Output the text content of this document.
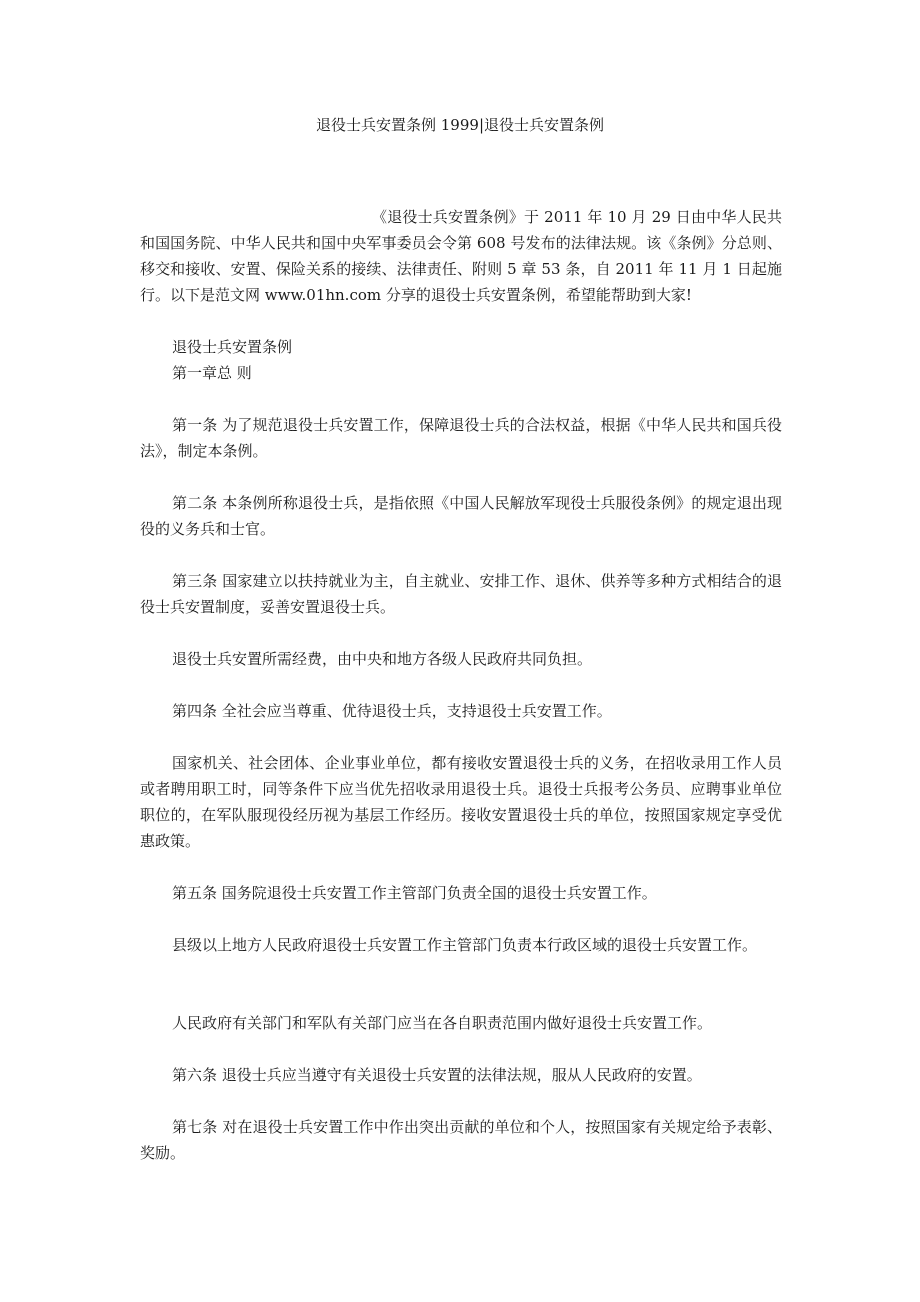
退役士兵安置条例 1999|退役士兵安置条例

《退役士兵安置条例》于 2011 年 10 月 29 日由中华人民共和国国务院、中华人民共和国中央军事委员会令第 608 号发布的法律法规。该《条例》分总则、移交和接收、安置、保险关系的接续、法律责任、附则 5 章 53 条，自 2011 年 11 月 1 日起施行。以下是范文网 www.01hn.com 分享的退役士兵安置条例，希望能帮助到大家!

退役士兵安置条例

第一章总 则

第一条 为了规范退役士兵安置工作，保障退役士兵的合法权益，根据《中华人民共和国兵役法》，制定本条例。

第二条 本条例所称退役士兵，是指依照《中国人民解放军现役士兵服役条例》的规定退出现役的义务兵和士官。

第三条 国家建立以扶持就业为主，自主就业、安排工作、退休、供养等多种方式相结合的退役士兵安置制度，妥善安置退役士兵。

退役士兵安置所需经费，由中央和地方各级人民政府共同负担。

第四条 全社会应当尊重、优待退役士兵，支持退役士兵安置工作。

国家机关、社会团体、企业事业单位，都有接收安置退役士兵的义务，在招收录用工作人员或者聘用职工时，同等条件下应当优先招收录用退役士兵。退役士兵报考公务员、应聘事业单位职位的，在军队服现役经历视为基层工作经历。接收安置退役士兵的单位，按照国家规定享受优惠政策。

第五条 国务院退役士兵安置工作主管部门负责全国的退役士兵安置工作。

县级以上地方人民政府退役士兵安置工作主管部门负责本行政区域的退役士兵安置工作。

人民政府有关部门和军队有关部门应当在各自职责范围内做好退役士兵安置工作。

第六条 退役士兵应当遵守有关退役士兵安置的法律法规，服从人民政府的安置。

第七条 对在退役士兵安置工作中作出突出贡献的单位和个人，按照国家有关规定给予表彰、奖励。
